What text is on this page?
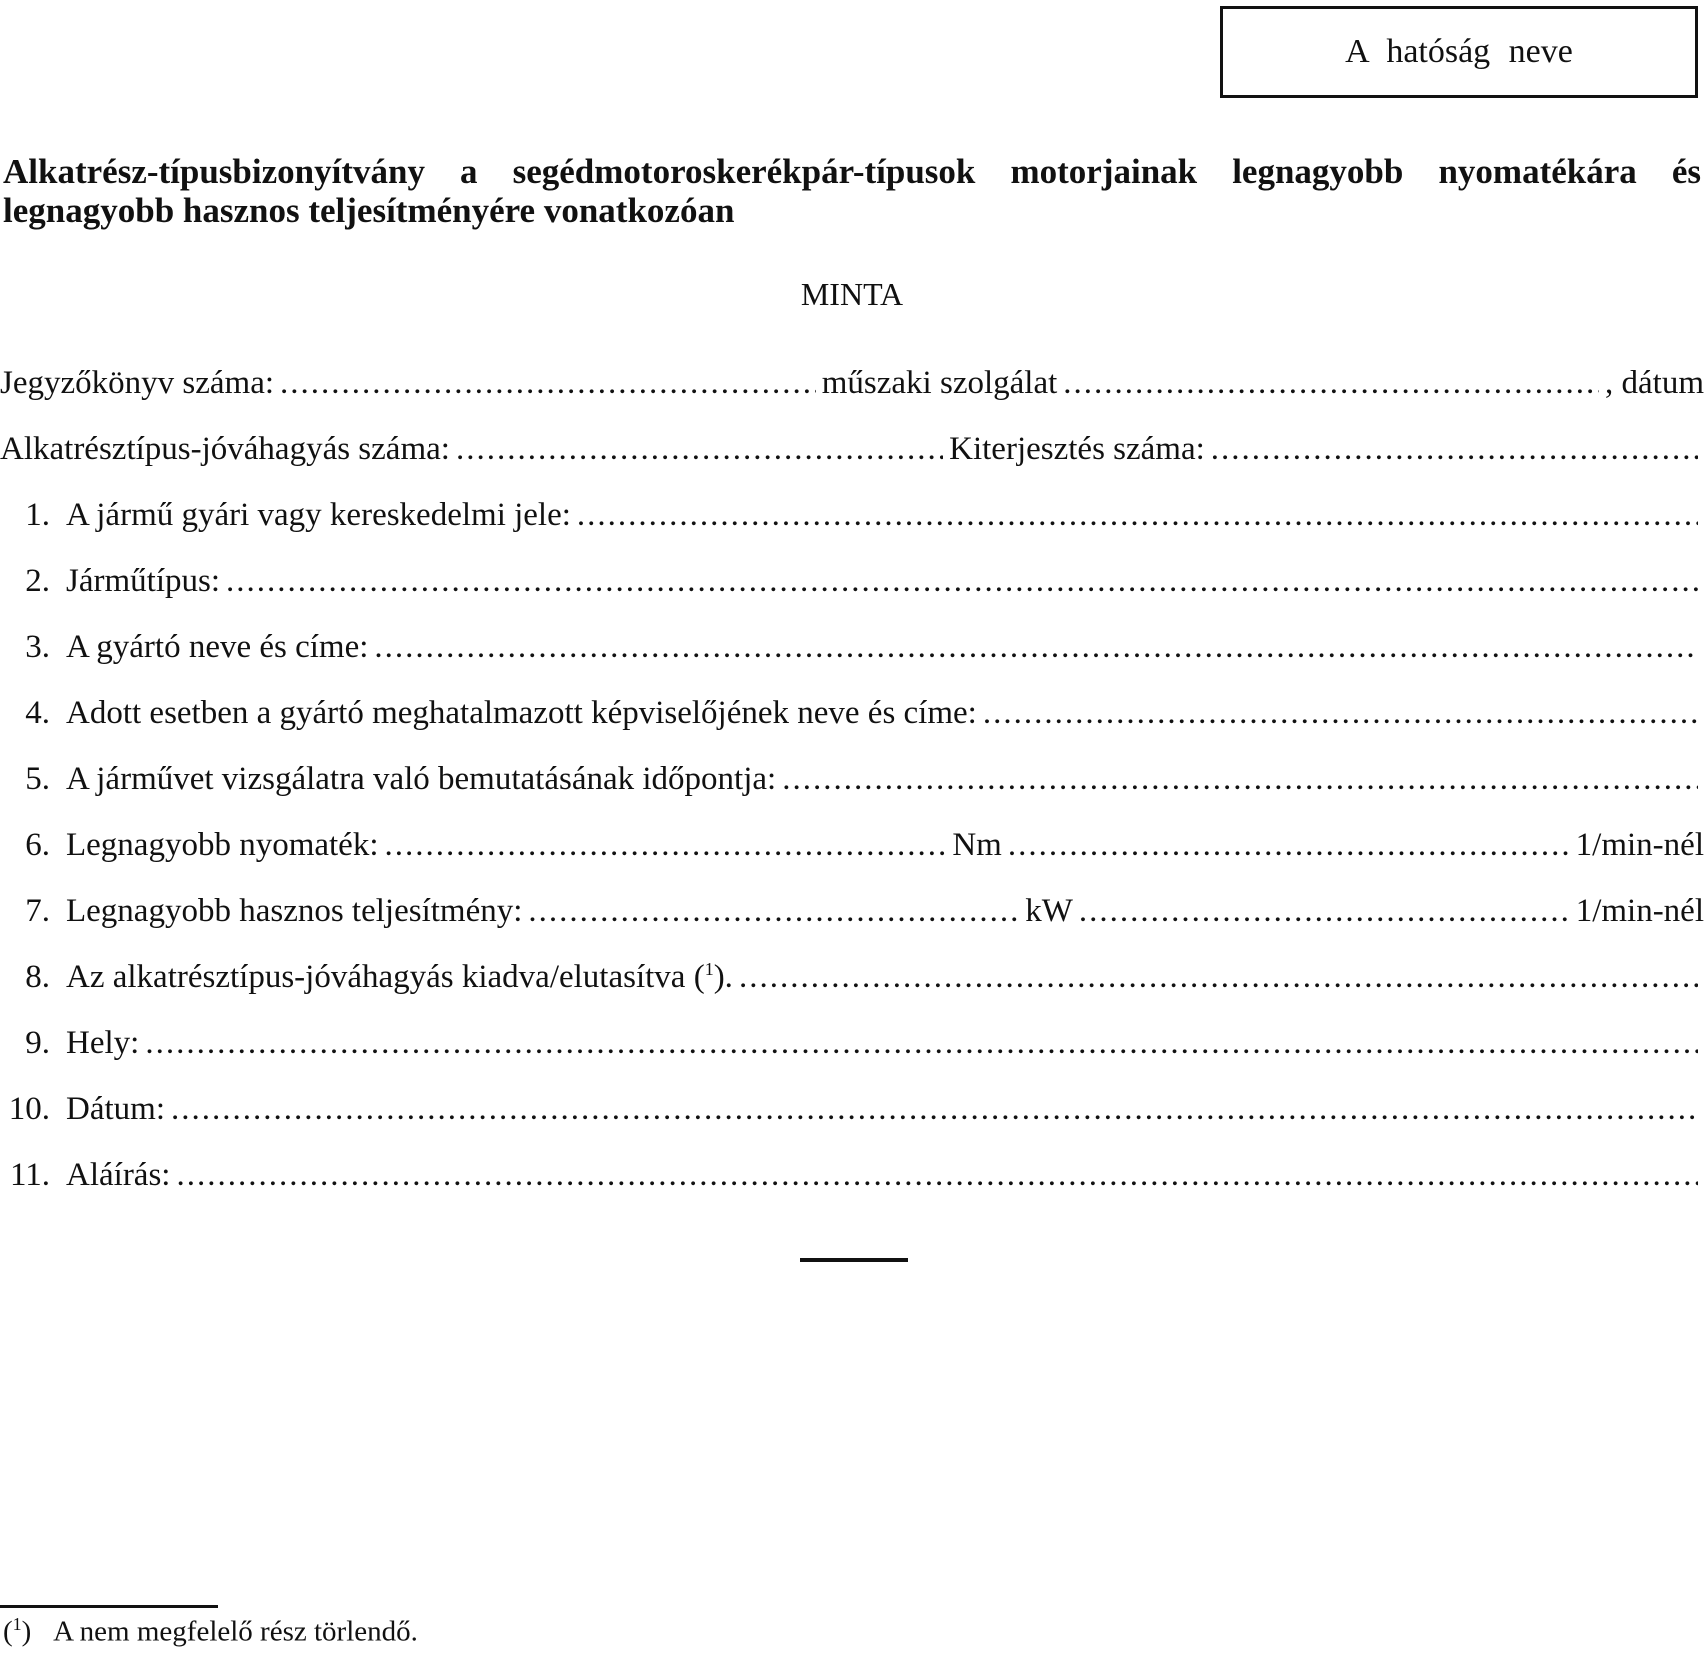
A hatóság neve
Alkatrész-típusbizonyítvány a segédmotoroskerékpár-típusok motorjainak legnagyobb nyomatékára és legnagyobb hasznos teljesítményére vonatkozóan
MINTA
Jegyzőkönyv száma: .....	műszaki szolgálat .....	, dátum
Alkatrésztípus-jóváhagyás száma: .....	Kiterjesztés száma:
.....
1. A jármű gyári vagy kereskedelmi jele:
.....
2. Járműtípus:
.....
3. A gyártó neve és címe:
.....
4. Adott esetben a gyártó meghatalmazott képviselőjének neve és címe:
.....
5. A járművet vizsgálatra való bemutatásának időpontja:
.....
6. Legnagyobb nyomaték: .....	Nm .....	1/min-nél
7. Legnagyobb hasznos teljesítmény: .....	kW .....	1/min-nél
8. Az alkatrésztípus-jóváhagyás kiadva/elutasítva ($^1$).
.....
9. Hely:
.....
10. Dátum:
.....
11. Aláírás:
.....
($^1$)   A nem megfelelő rész törlendő.
